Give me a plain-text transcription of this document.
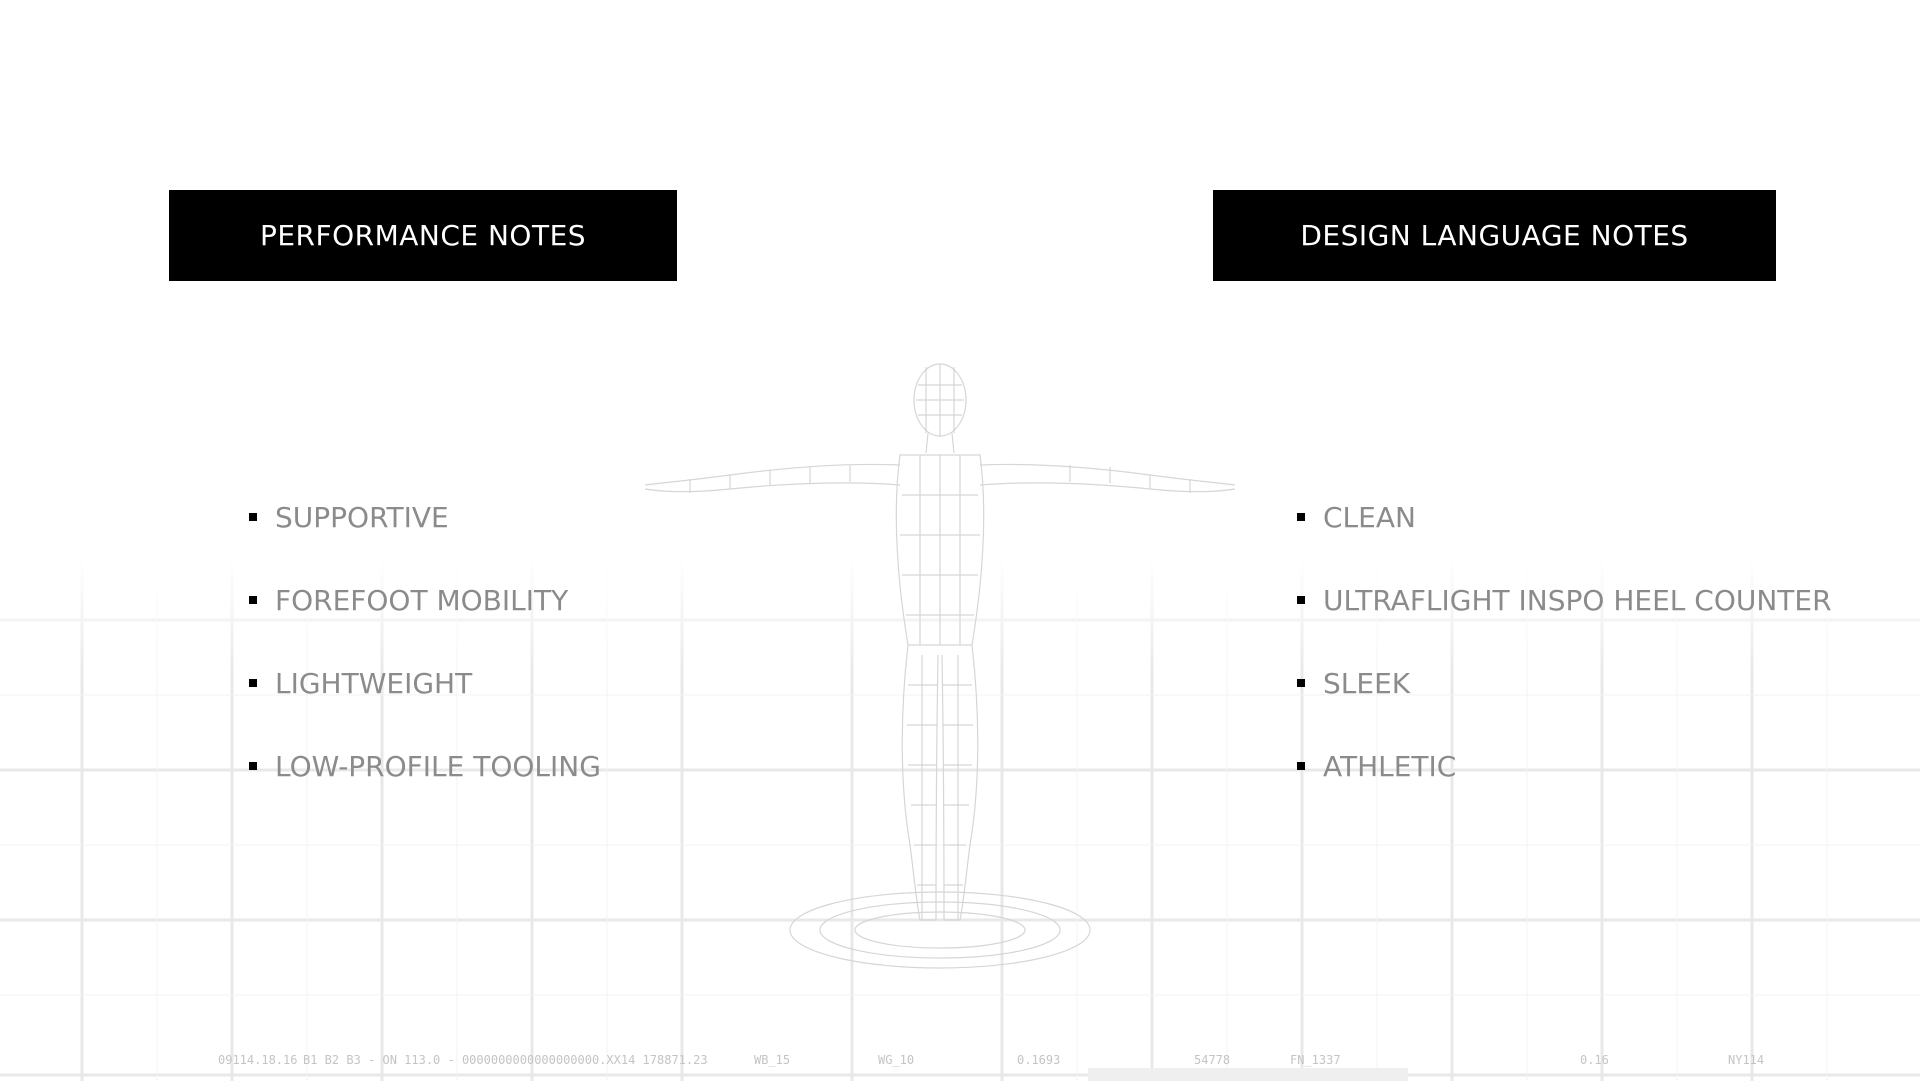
PERFORMANCE NOTES
SUPPORTIVE
FOREFOOT MOBILITY
LIGHTWEIGHT
LOW-PROFILE TOOLING
DESIGN LANGUAGE NOTES
CLEAN
ULTRAFLIGHT INSPO HEEL COUNTER
SLEEK
ATHLETIC
09114.18.16 B1 B2 B3 - ON 113.0 - 0000000000000000000.XX14 178871.23	WB_15	WG_10	0.1693	54778	FN_1337	0.16	NY114
